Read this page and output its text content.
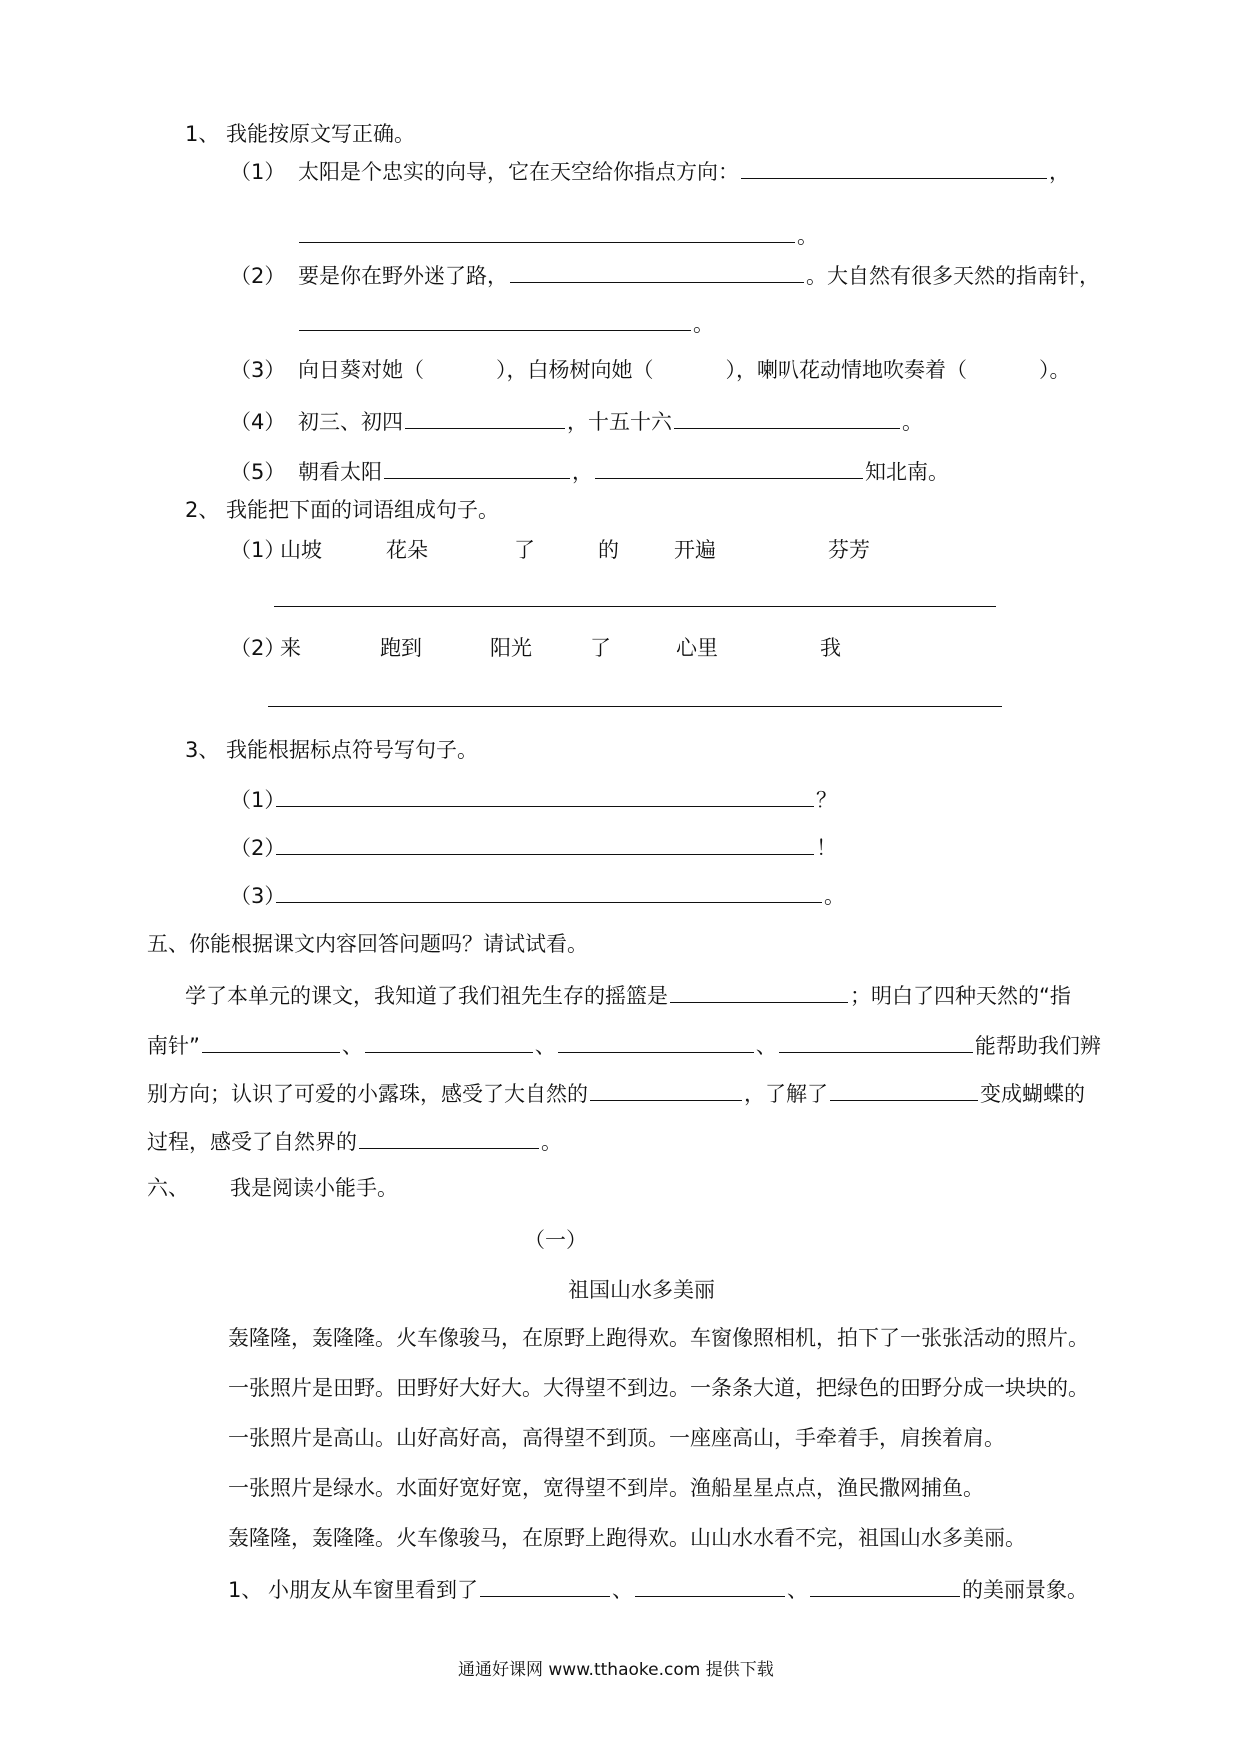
1、 我能按原文写正确。
（1） 太阳是个忠实的向导，它在天空给你指点方向：	，
。
（2） 要是你在野外迷了路，	。大自然有很多天然的指南针，
。
（3） 向日葵对她（	），白杨树向她（	），喇叭花动情地吹奏着（	）。
（4） 初三、初四	，十五十六	。
（5） 朝看太阳	，	知北南。
2、 我能把下面的词语组成句子。
（1）
山坡	花朵	了	的	开遍	芬芳
（2）
来	跑到	阳光	了	心里	我
3、 我能根据标点符号写句子。
（1）	？
（2）	！
（3）	。
五、你能根据课文内容回答问题吗？请试试看。
学了本单元的课文，我知道了我们祖先生存的摇篮是	；明白了四种天然的“指
南针”	、	、	、	能帮助我们辨
别方向；认识了可爱的小露珠，感受了大自然的	，了解了	变成蝴蝶的
过程，感受了自然界的	。
六、 我是阅读小能手。
（一）
祖国山水多美丽
轰隆隆，轰隆隆。火车像骏马，在原野上跑得欢。车窗像照相机，拍下了一张张活动的照片。
一张照片是田野。田野好大好大。大得望不到边。一条条大道，把绿色的田野分成一块块的。
一张照片是高山。山好高好高，高得望不到顶。一座座高山，手牵着手，肩挨着肩。
一张照片是绿水。水面好宽好宽，宽得望不到岸。渔船星星点点，渔民撒网捕鱼。
轰隆隆，轰隆隆。火车像骏马，在原野上跑得欢。山山水水看不完，祖国山水多美丽。
1、 小朋友从车窗里看到了	、	、	的美丽景象。
通通好课网 www.tthaoke.com 提供下载
